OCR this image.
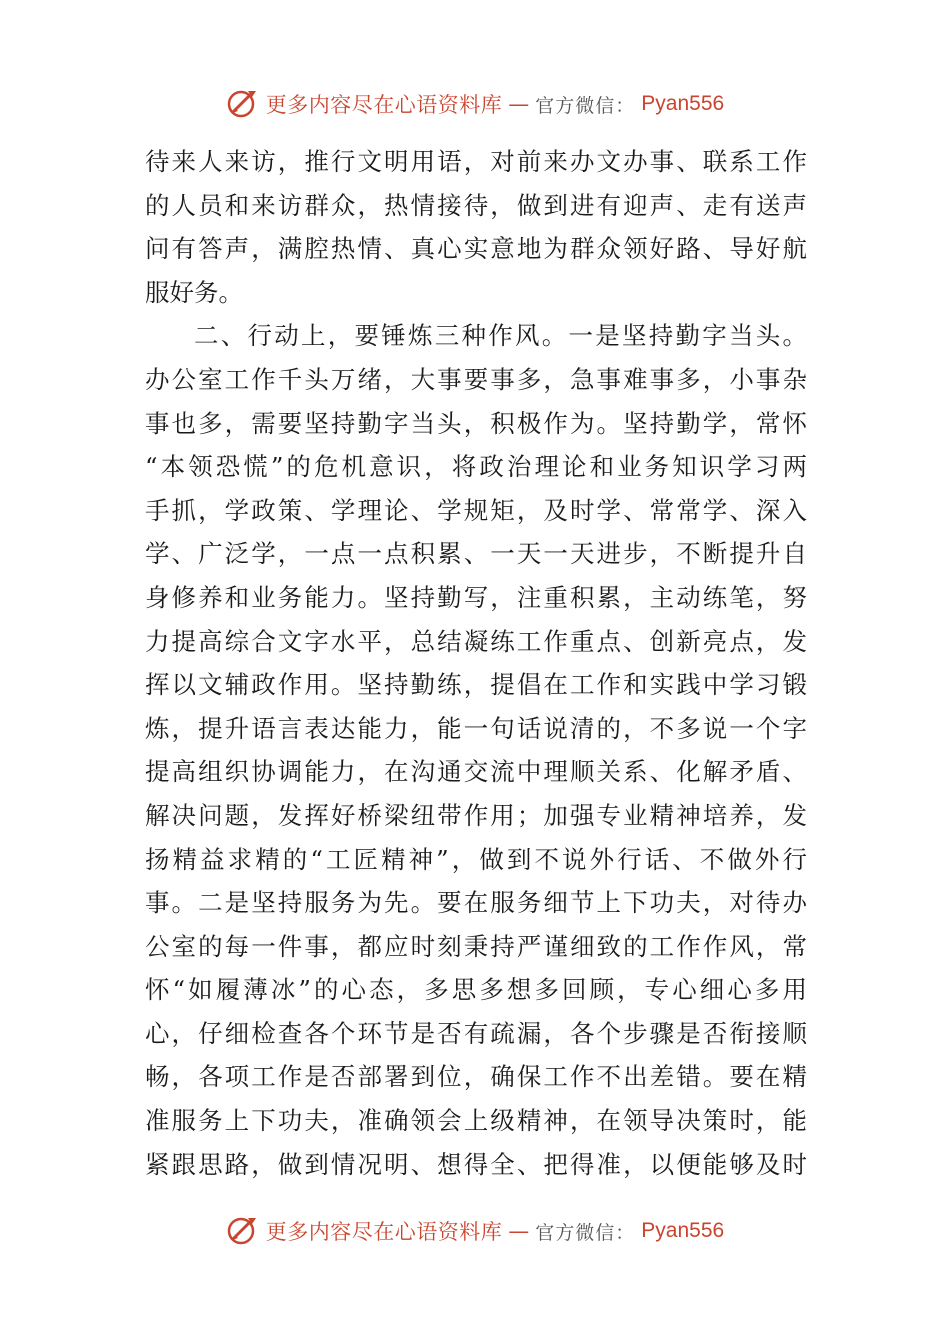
更多内容尽在心语资料库 — 官方微信： Pyan556
待来人来访，推行文明用语，对前来办文办事、联系工作
的人员和来访群众，热情接待，做到进有迎声、走有送声
问有答声，满腔热情、真心实意地为群众领好路、导好航
服好务。
二、行动上，要锤炼三种作风。一是坚持勤字当头。
办公室工作千头万绪，大事要事多，急事难事多，小事杂
事也多，需要坚持勤字当头，积极作为。坚持勤学，常怀
“本领恐慌”的危机意识，将政治理论和业务知识学习两
手抓，学政策、学理论、学规矩，及时学、常常学、深入
学、广泛学，一点一点积累、一天一天进步，不断提升自
身修养和业务能力。坚持勤写，注重积累，主动练笔，努
力提高综合文字水平，总结凝练工作重点、创新亮点，发
挥以文辅政作用。坚持勤练，提倡在工作和实践中学习锻
炼，提升语言表达能力，能一句话说清的，不多说一个字
提高组织协调能力，在沟通交流中理顺关系、化解矛盾、
解决问题，发挥好桥梁纽带作用；加强专业精神培养，发
扬精益求精的“工匠精神”，做到不说外行话、不做外行
事。二是坚持服务为先。要在服务细节上下功夫，对待办
公室的每一件事，都应时刻秉持严谨细致的工作作风，常
怀“如履薄冰”的心态，多思多想多回顾，专心细心多用
心，仔细检查各个环节是否有疏漏，各个步骤是否衔接顺
畅，各项工作是否部署到位，确保工作不出差错。要在精
准服务上下功夫，准确领会上级精神，在领导决策时，能
紧跟思路，做到情况明、想得全、把得准，以便能够及时
更多内容尽在心语资料库 — 官方微信： Pyan556
